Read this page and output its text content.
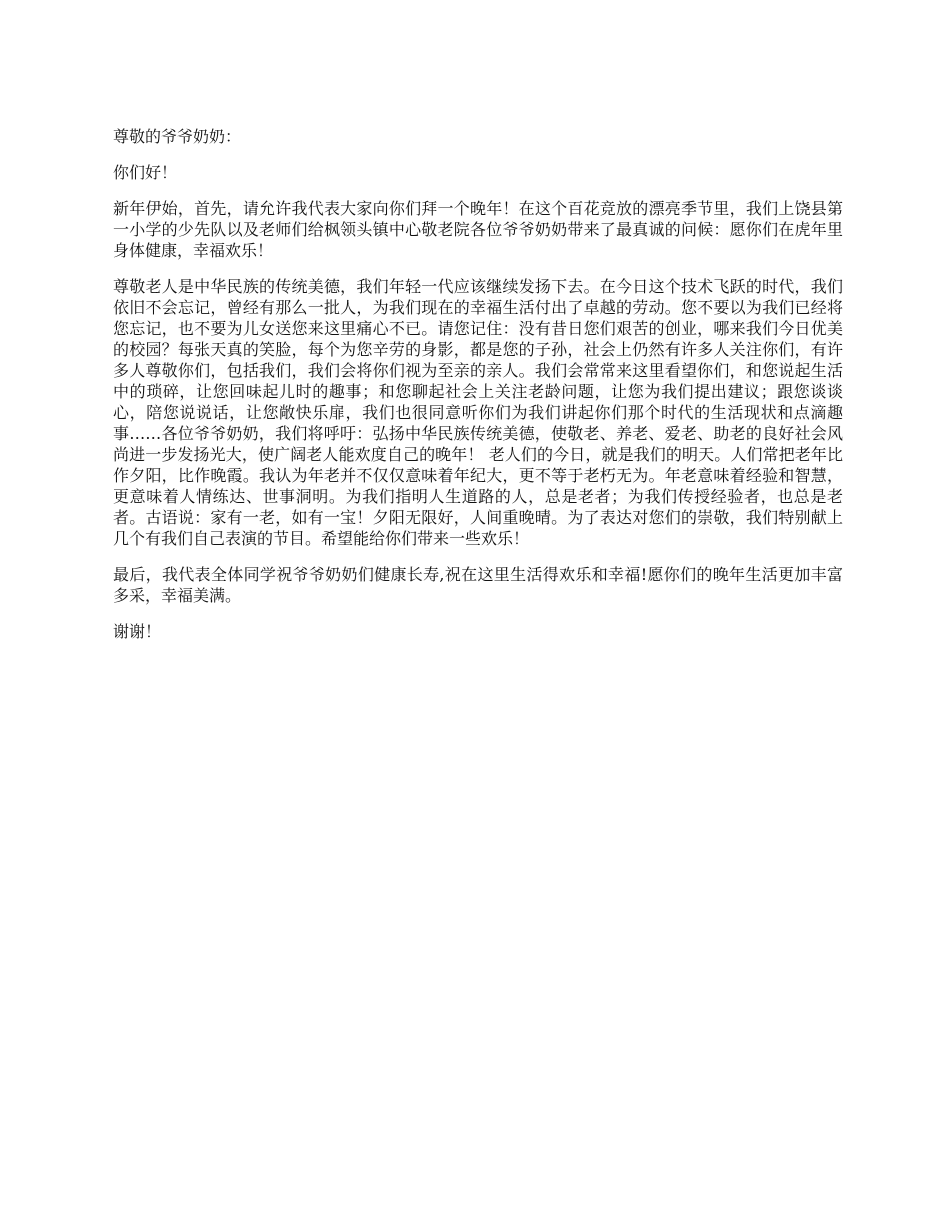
尊敬的爷爷奶奶：

你们好！

新年伊始，首先，请允许我代表大家向你们拜一个晚年！在这个百花竞放的漂亮季节里，我们上饶县第一小学的少先队以及老师们给枫领头镇中心敬老院各位爷爷奶奶带来了最真诚的问候：愿你们在虎年里身体健康，幸福欢乐！

尊敬老人是中华民族的传统美德，我们年轻一代应该继续发扬下去。在今日这个技术飞跃的时代，我们依旧不会忘记，曾经有那么一批人，为我们现在的幸福生活付出了卓越的劳动。您不要以为我们已经将您忘记，也不要为儿女送您来这里痛心不已。请您记住：没有昔日您们艰苦的创业，哪来我们今日优美的校园？每张天真的笑脸，每个为您辛劳的身影，都是您的子孙，社会上仍然有许多人关注你们，有许多人尊敬你们，包括我们，我们会将你们视为至亲的亲人。我们会常常来这里看望你们，和您说起生活中的琐碎，让您回味起儿时的趣事；和您聊起社会上关注老龄问题，让您为我们提出建议；跟您谈谈心，陪您说说话，让您敞快乐扉，我们也很同意听你们为我们讲起你们那个时代的生活现状和点滴趣事……各位爷爷奶奶，我们将呼吁：弘扬中华民族传统美德，使敬老、养老、爱老、助老的良好社会风尚进一步发扬光大，使广阔老人能欢度自己的晚年！ 老人们的今日，就是我们的明天。人们常把老年比作夕阳，比作晚霞。我认为年老并不仅仅意味着年纪大，更不等于老朽无为。年老意味着经验和智慧，更意味着人情练达、世事洞明。为我们指明人生道路的人，总是老者；为我们传授经验者，也总是老者。古语说：家有一老，如有一宝！夕阳无限好，人间重晚晴。为了表达对您们的崇敬，我们特别献上几个有我们自己表演的节目。希望能给你们带来一些欢乐！

最后，我代表全体同学祝爷爷奶奶们健康长寿,祝在这里生活得欢乐和幸福!愿你们的晚年生活更加丰富多采，幸福美满。

谢谢！
